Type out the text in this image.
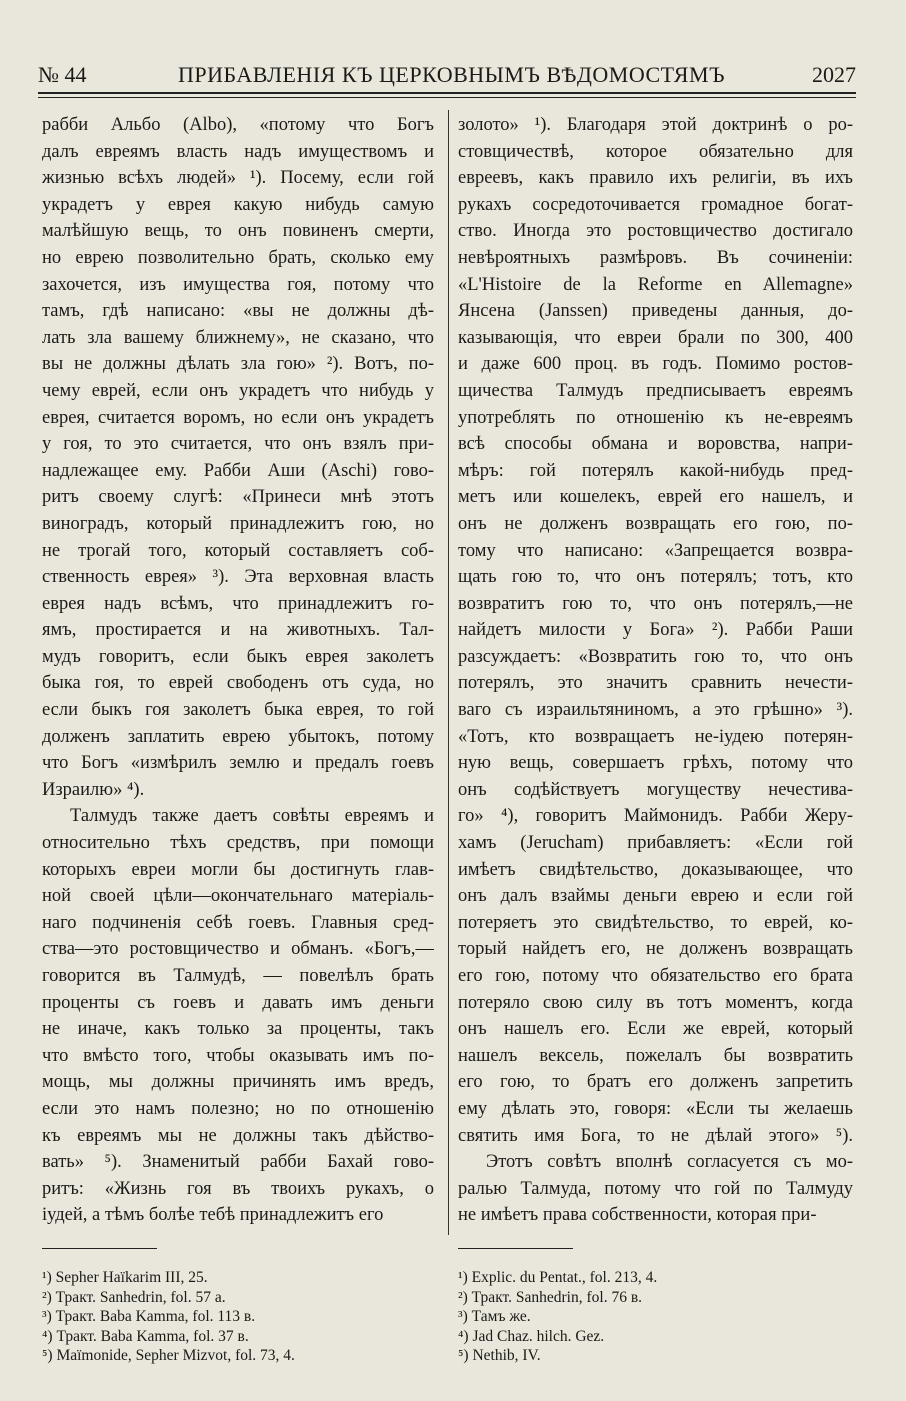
№ 44	ПРИБАВЛЕНІЯ КЪ ЦЕРКОВНЫМЪ ВѢДОМОСТЯМЪ	2027
рабби Альбо (Albo), «потому что Богъ
далъ евреямъ власть надъ имуществомъ и
жизнью всѣхъ людей» ¹). Посему, если гой
украдетъ у еврея какую нибудь самую
малѣйшую вещь, то онъ повиненъ смерти,
но еврею позволительно брать, сколько ему
захочется, изъ имущества гоя, потому что
тамъ, гдѣ написано: «вы не должны дѣ-
лать зла вашему ближнему», не сказано, что
вы не должны дѣлать зла гою» ²). Вотъ, по-
чему еврей, если онъ украдетъ что нибудь у
еврея, считается воромъ, но если онъ украдетъ
у гоя, то это считается, что онъ взялъ при-
надлежащее ему. Рабби Аши (Aschi) гово-
ритъ своему слугѣ: «Принеси мнѣ этотъ
виноградъ, который принадлежитъ гою, но
не трогай того, который составляетъ соб-
ственность еврея» ³). Эта верховная власть
еврея надъ всѣмъ, что принадлежитъ го-
ямъ, простирается и на животныхъ. Тал-
мудъ говоритъ, если быкъ еврея заколетъ
быка гоя, то еврей свободенъ отъ суда, но
если быкъ гоя заколетъ быка еврея, то гой
долженъ заплатить еврею убытокъ, потому
что Богъ «измѣрилъ землю и предалъ гоевъ
Израилю» ⁴).
Талмудъ также даетъ совѣты евреямъ и
относительно тѣхъ средствъ, при помощи
которыхъ евреи могли бы достигнуть глав-
ной своей цѣли—окончательнаго матеріаль-
наго подчиненія себѣ гоевъ. Главныя сред-
ства—это ростовщичество и обманъ. «Богъ,—
говорится въ Талмудѣ, — повелѣлъ брать
проценты съ гоевъ и давать имъ деньги
не иначе, какъ только за проценты, такъ
что вмѣсто того, чтобы оказывать имъ по-
мощь, мы должны причинять имъ вредъ,
если это намъ полезно; но по отношенію
къ евреямъ мы не должны такъ дѣйство-
вать» ⁵). Знаменитый рабби Бахай гово-
ритъ: «Жизнь гоя въ твоихъ рукахъ, о
іудей, а тѣмъ болѣе тебѣ принадлежитъ его
золото» ¹). Благодаря этой доктринѣ о ро-
стовщичествѣ, которое обязательно для
евреевъ, какъ правило ихъ религіи, въ ихъ
рукахъ сосредоточивается громадное богат-
ство. Иногда это ростовщичество достигало
невѣроятныхъ размѣровъ. Въ сочиненіи:
«L'Histoire de la Reforme en Allemagne»
Янсена (Janssen) приведены данныя, до-
казывающія, что евреи брали по 300, 400
и даже 600 проц. въ годъ. Помимо ростов-
щичества Талмудъ предписываетъ евреямъ
употреблять по отношенію къ не-евреямъ
всѣ способы обмана и воровства, напри-
мѣръ: гой потерялъ какой-нибудь пред-
метъ или кошелекъ, еврей его нашелъ, и
онъ не долженъ возвращать его гою, по-
тому что написано: «Запрещается возвра-
щать гою то, что онъ потерялъ; тотъ, кто
возвратитъ гою то, что онъ потерялъ,—не
найдетъ милости у Бога» ²). Рабби Раши
разсуждаетъ: «Возвратить гою то, что онъ
потерялъ, это значитъ сравнить нечести-
ваго съ израильтяниномъ, а это грѣшно» ³).
«Тотъ, кто возвращаетъ не-іудею потерян-
ную вещь, совершаетъ грѣхъ, потому что
онъ содѣйствуетъ могуществу нечестива-
го» ⁴), говоритъ Маймонидъ. Рабби Жеру-
хамъ (Jerucham) прибавляетъ: «Если гой
имѣетъ свидѣтельство, доказывающее, что
онъ далъ взаймы деньги еврею и если гой
потеряетъ это свидѣтельство, то еврей, ко-
торый найдетъ его, не долженъ возвращать
его гою, потому что обязательство его брата
потеряло свою силу въ тотъ моментъ, когда
онъ нашелъ его. Если же еврей, который
нашелъ вексель, пожелалъ бы возвратить
его гою, то братъ его долженъ запретить
ему дѣлать это, говоря: «Если ты желаешь
святить имя Бога, то не дѣлай этого» ⁵).
Этотъ совѣтъ вполнѣ согласуется съ мо-
ралью Талмуда, потому что гой по Талмуду
не имѣетъ права собственности, которая при-
¹) Sepher Haïkarim III, 25.
²) Тракт. Sanhedrin, fol. 57 a.
³) Тракт. Baba Kamma, fol. 113 в.
⁴) Тракт. Baba Kamma, fol. 37 в.
⁵) Maïmonide, Sepher Mizvot, fol. 73, 4.
¹) Explic. du Pentat., fol. 213, 4.
²) Тракт. Sanhedrin, fol. 76 в.
³) Тамъ же.
⁴) Jad Chaz. hilch. Gez.
⁵) Nethib, IV.
